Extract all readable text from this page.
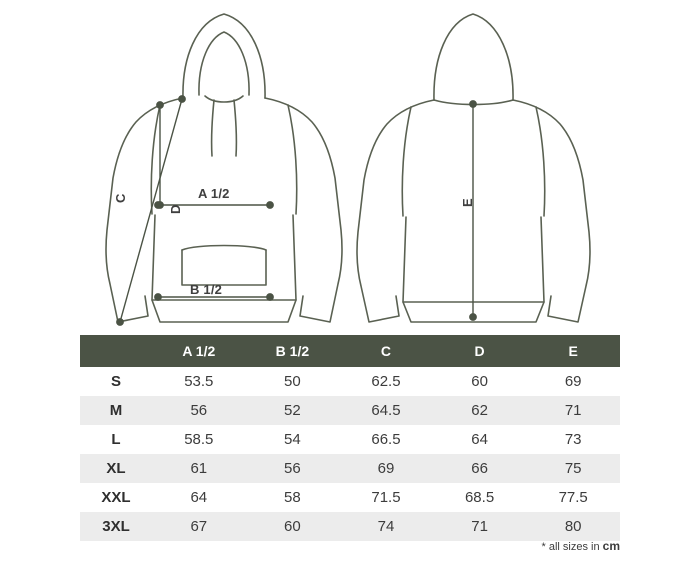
A 1/2
B 1/2
C
D
E
	A 1/2	B 1/2	C	D	E
S	53.5	50	62.5	60	69
M	56	52	64.5	62	71
L	58.5	54	66.5	64	73
XL	61	56	69	66	75
XXL	64	58	71.5	68.5	77.5
3XL	67	60	74	71	80
* all sizes in cm
